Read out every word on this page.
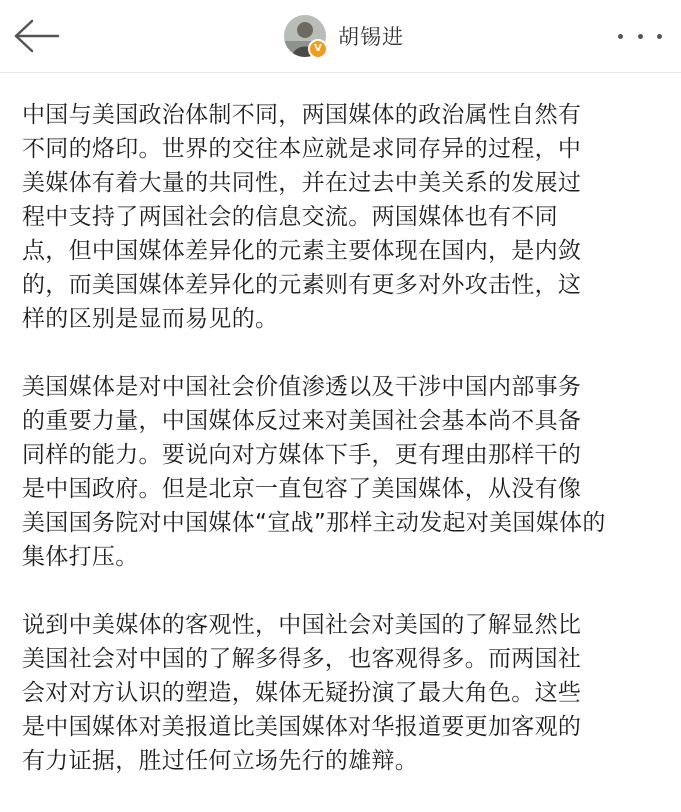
V 胡锡进

中国与美国政治体制不同，两国媒体的政治属性自然有
不同的烙印。世界的交往本应就是求同存异的过程，中
美媒体有着大量的共同性，并在过去中美关系的发展过
程中支持了两国社会的信息交流。两国媒体也有不同
点，但中国媒体差异化的元素主要体现在国内，是内敛
的，而美国媒体差异化的元素则有更多对外攻击性，这
样的区别是显而易见的。

美国媒体是对中国社会价值渗透以及干涉中国内部事务
的重要力量，中国媒体反过来对美国社会基本尚不具备
同样的能力。要说向对方媒体下手，更有理由那样干的
是中国政府。但是北京一直包容了美国媒体，从没有像
美国国务院对中国媒体“宣战”那样主动发起对美国媒体的
集体打压。

说到中美媒体的客观性，中国社会对美国的了解显然比
美国社会对中国的了解多得多，也客观得多。而两国社
会对对方认识的塑造，媒体无疑扮演了最大角色。这些
是中国媒体对美报道比美国媒体对华报道要更加客观的
有力证据，胜过任何立场先行的雄辩。
